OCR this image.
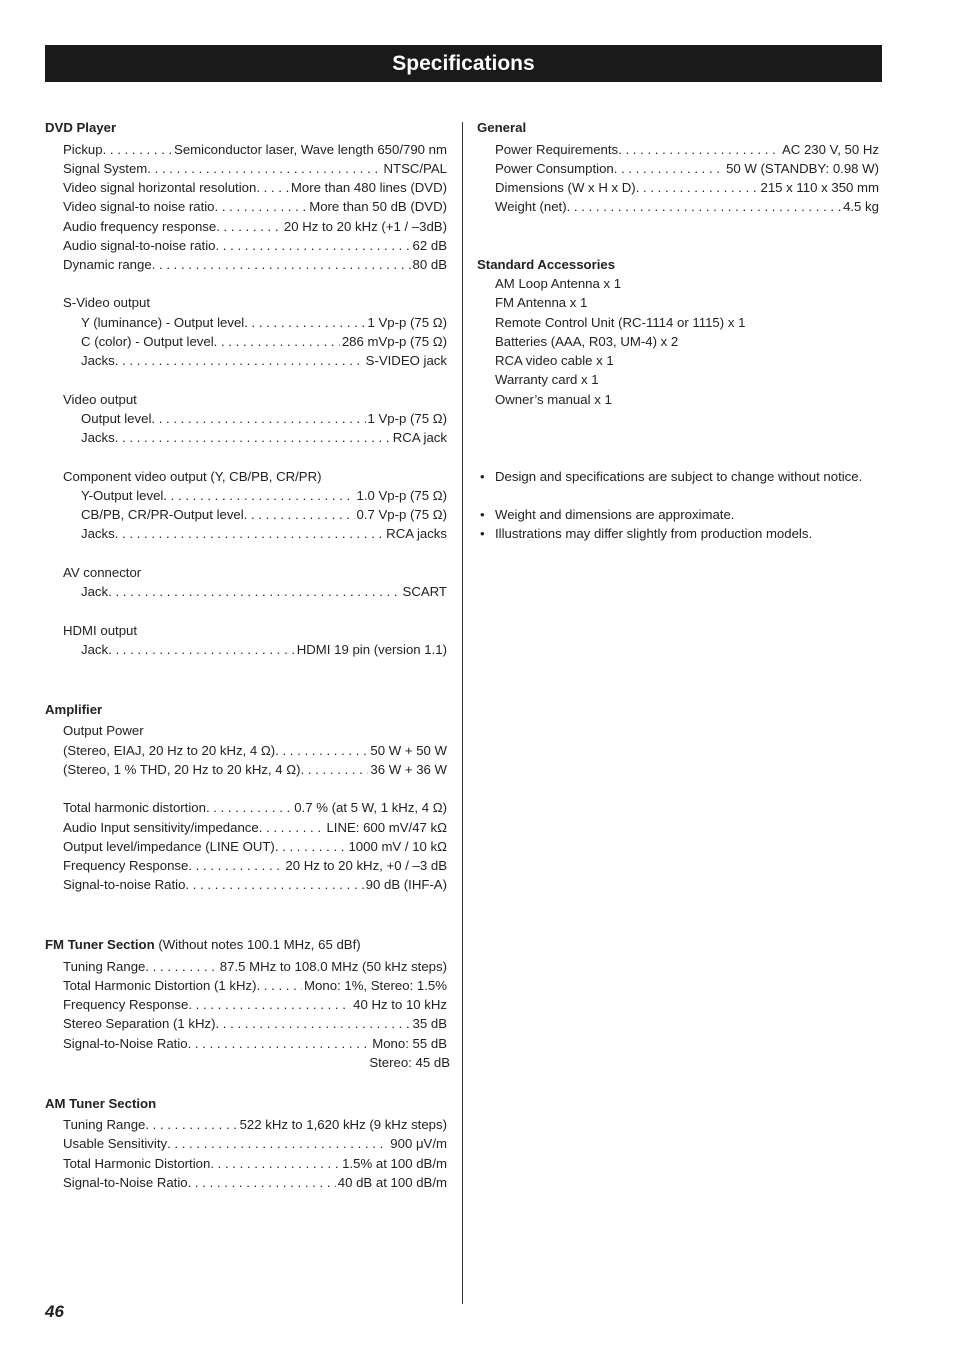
Specifications
DVD Player
Pickup . . .	Semiconductor laser, Wave length 650/790 nm
Signal System . . .	NTSC/PAL
Video signal horizontal resolution . . .	More than 480 lines (DVD)
Video signal-to noise ratio . . .	More than 50 dB (DVD)
Audio frequency response . . .	20 Hz to 20 kHz (+1 / –3dB)
Audio signal-to-noise ratio . . .	62 dB
Dynamic range . . .	80 dB
S-Video output
Y (luminance) - Output level . . .	1 Vp-p (75 Ω)
C (color) - Output level . . .	286 mVp-p (75 Ω)
Jacks . . .	S-VIDEO jack
Video output
Output level . . .	1 Vp-p (75 Ω)
Jacks . . .	RCA jack
Component video output (Y, CB/PB, CR/PR)
Y-Output level . . .	1.0 Vp-p (75 Ω)
CB/PB, CR/PR-Output level . . .	0.7 Vp-p (75 Ω)
Jacks . . .	RCA jacks
AV connector
Jack . . .	SCART
HDMI output
Jack . . .	HDMI 19 pin (version 1.1)
Amplifier
Output Power
(Stereo, EIAJ, 20 Hz to 20 kHz, 4 Ω) . . .	50 W + 50 W
(Stereo, 1 % THD, 20 Hz to 20 kHz, 4 Ω) . . .	36 W + 36 W
Total harmonic distortion . . .	0.7 % (at 5 W, 1 kHz, 4 Ω)
Audio Input sensitivity/impedance . . .	LINE: 600 mV/47 kΩ
Output level/impedance (LINE OUT) . . .	1000 mV / 10 kΩ
Frequency Response . . .	20 Hz to 20 kHz, +0 / –3 dB
Signal-to-noise Ratio . . .	90 dB (IHF-A)
FM Tuner Section (Without notes 100.1 MHz, 65 dBf)
Tuning Range . . .	87.5 MHz to 108.0 MHz (50 kHz steps)
Total Harmonic Distortion (1 kHz) . . .	Mono: 1%, Stereo: 1.5%
Frequency Response . . .	40 Hz to 10 kHz
Stereo Separation (1 kHz) . . .	35 dB
Signal-to-Noise Ratio . . .	Mono: 55 dB
Stereo: 45 dB
AM Tuner Section
Tuning Range . . .	522 kHz to 1,620 kHz (9 kHz steps)
Usable Sensitivity . . .	900 μV/m
Total Harmonic Distortion . . .	1.5% at 100 dB/m
Signal-to-Noise Ratio . . .	40 dB at 100 dB/m
General
Power Requirements . . .	AC 230 V, 50 Hz
Power Consumption . . .	50 W (STANDBY: 0.98 W)
Dimensions (W x H x D) . . .	215 x 110 x 350 mm
Weight (net) . . .	4.5 kg
Standard Accessories
AM Loop Antenna x 1
FM Antenna x 1
Remote Control Unit (RC-1114 or 1115) x 1
Batteries (AAA, R03, UM-4) x 2
RCA video cable x 1
Warranty card x 1
Owner’s manual x 1
• Design and specifications are subject to change without notice.
• Weight and dimensions are approximate.
• Illustrations may differ slightly from production models.
46
